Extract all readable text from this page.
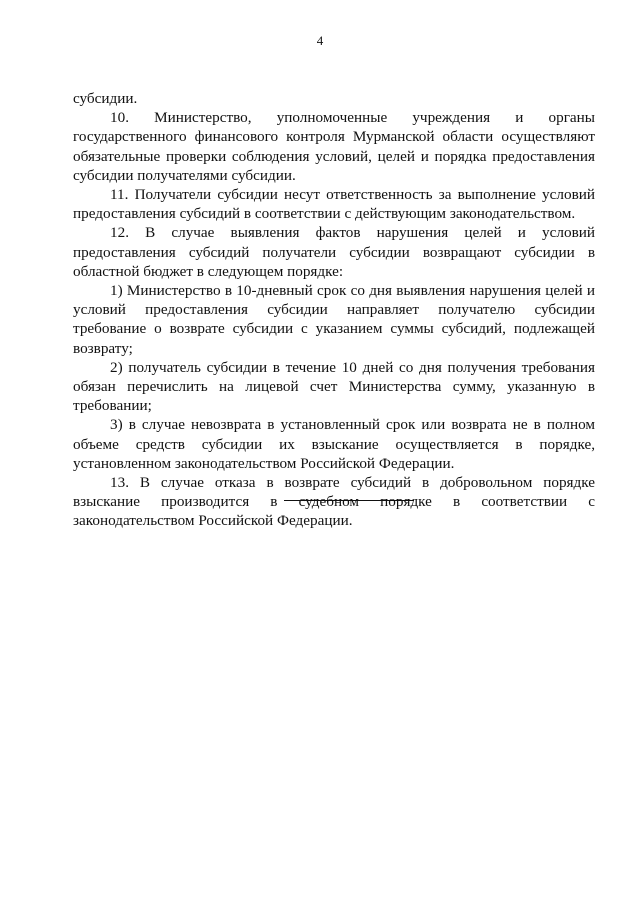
4

субсидии.

10. Министерство, уполномоченные учреждения и органы
государственного финансового контроля Мурманской области осуществляют
обязательные проверки соблюдения условий, целей и порядка предоставления
субсидии получателями субсидии.

11. Получатели субсидии несут ответственность за выполнение условий
предоставления субсидий в соответствии с действующим законодательством.

12. В случае выявления фактов нарушения целей и условий
предоставления субсидий получатели субсидии возвращают субсидии в
областной бюджет в следующем порядке:

1) Министерство в 10-дневный срок со дня выявления нарушения целей и
условий предоставления субсидии направляет получателю субсидии
требование о возврате субсидии с указанием суммы субсидий, подлежащей
возврату;

2) получатель субсидии в течение 10 дней со дня получения требования
обязан перечислить на лицевой счет Министерства сумму, указанную в
требовании;

3) в случае невозврата в установленный срок или возврата не в полном
объеме средств субсидии их взыскание осуществляется в порядке,
установленном законодательством Российской Федерации.

13. В случае отказа в возврате субсидий в добровольном порядке
взыскание производится в судебном порядке в соответствии с
законодательством Российской Федерации.
